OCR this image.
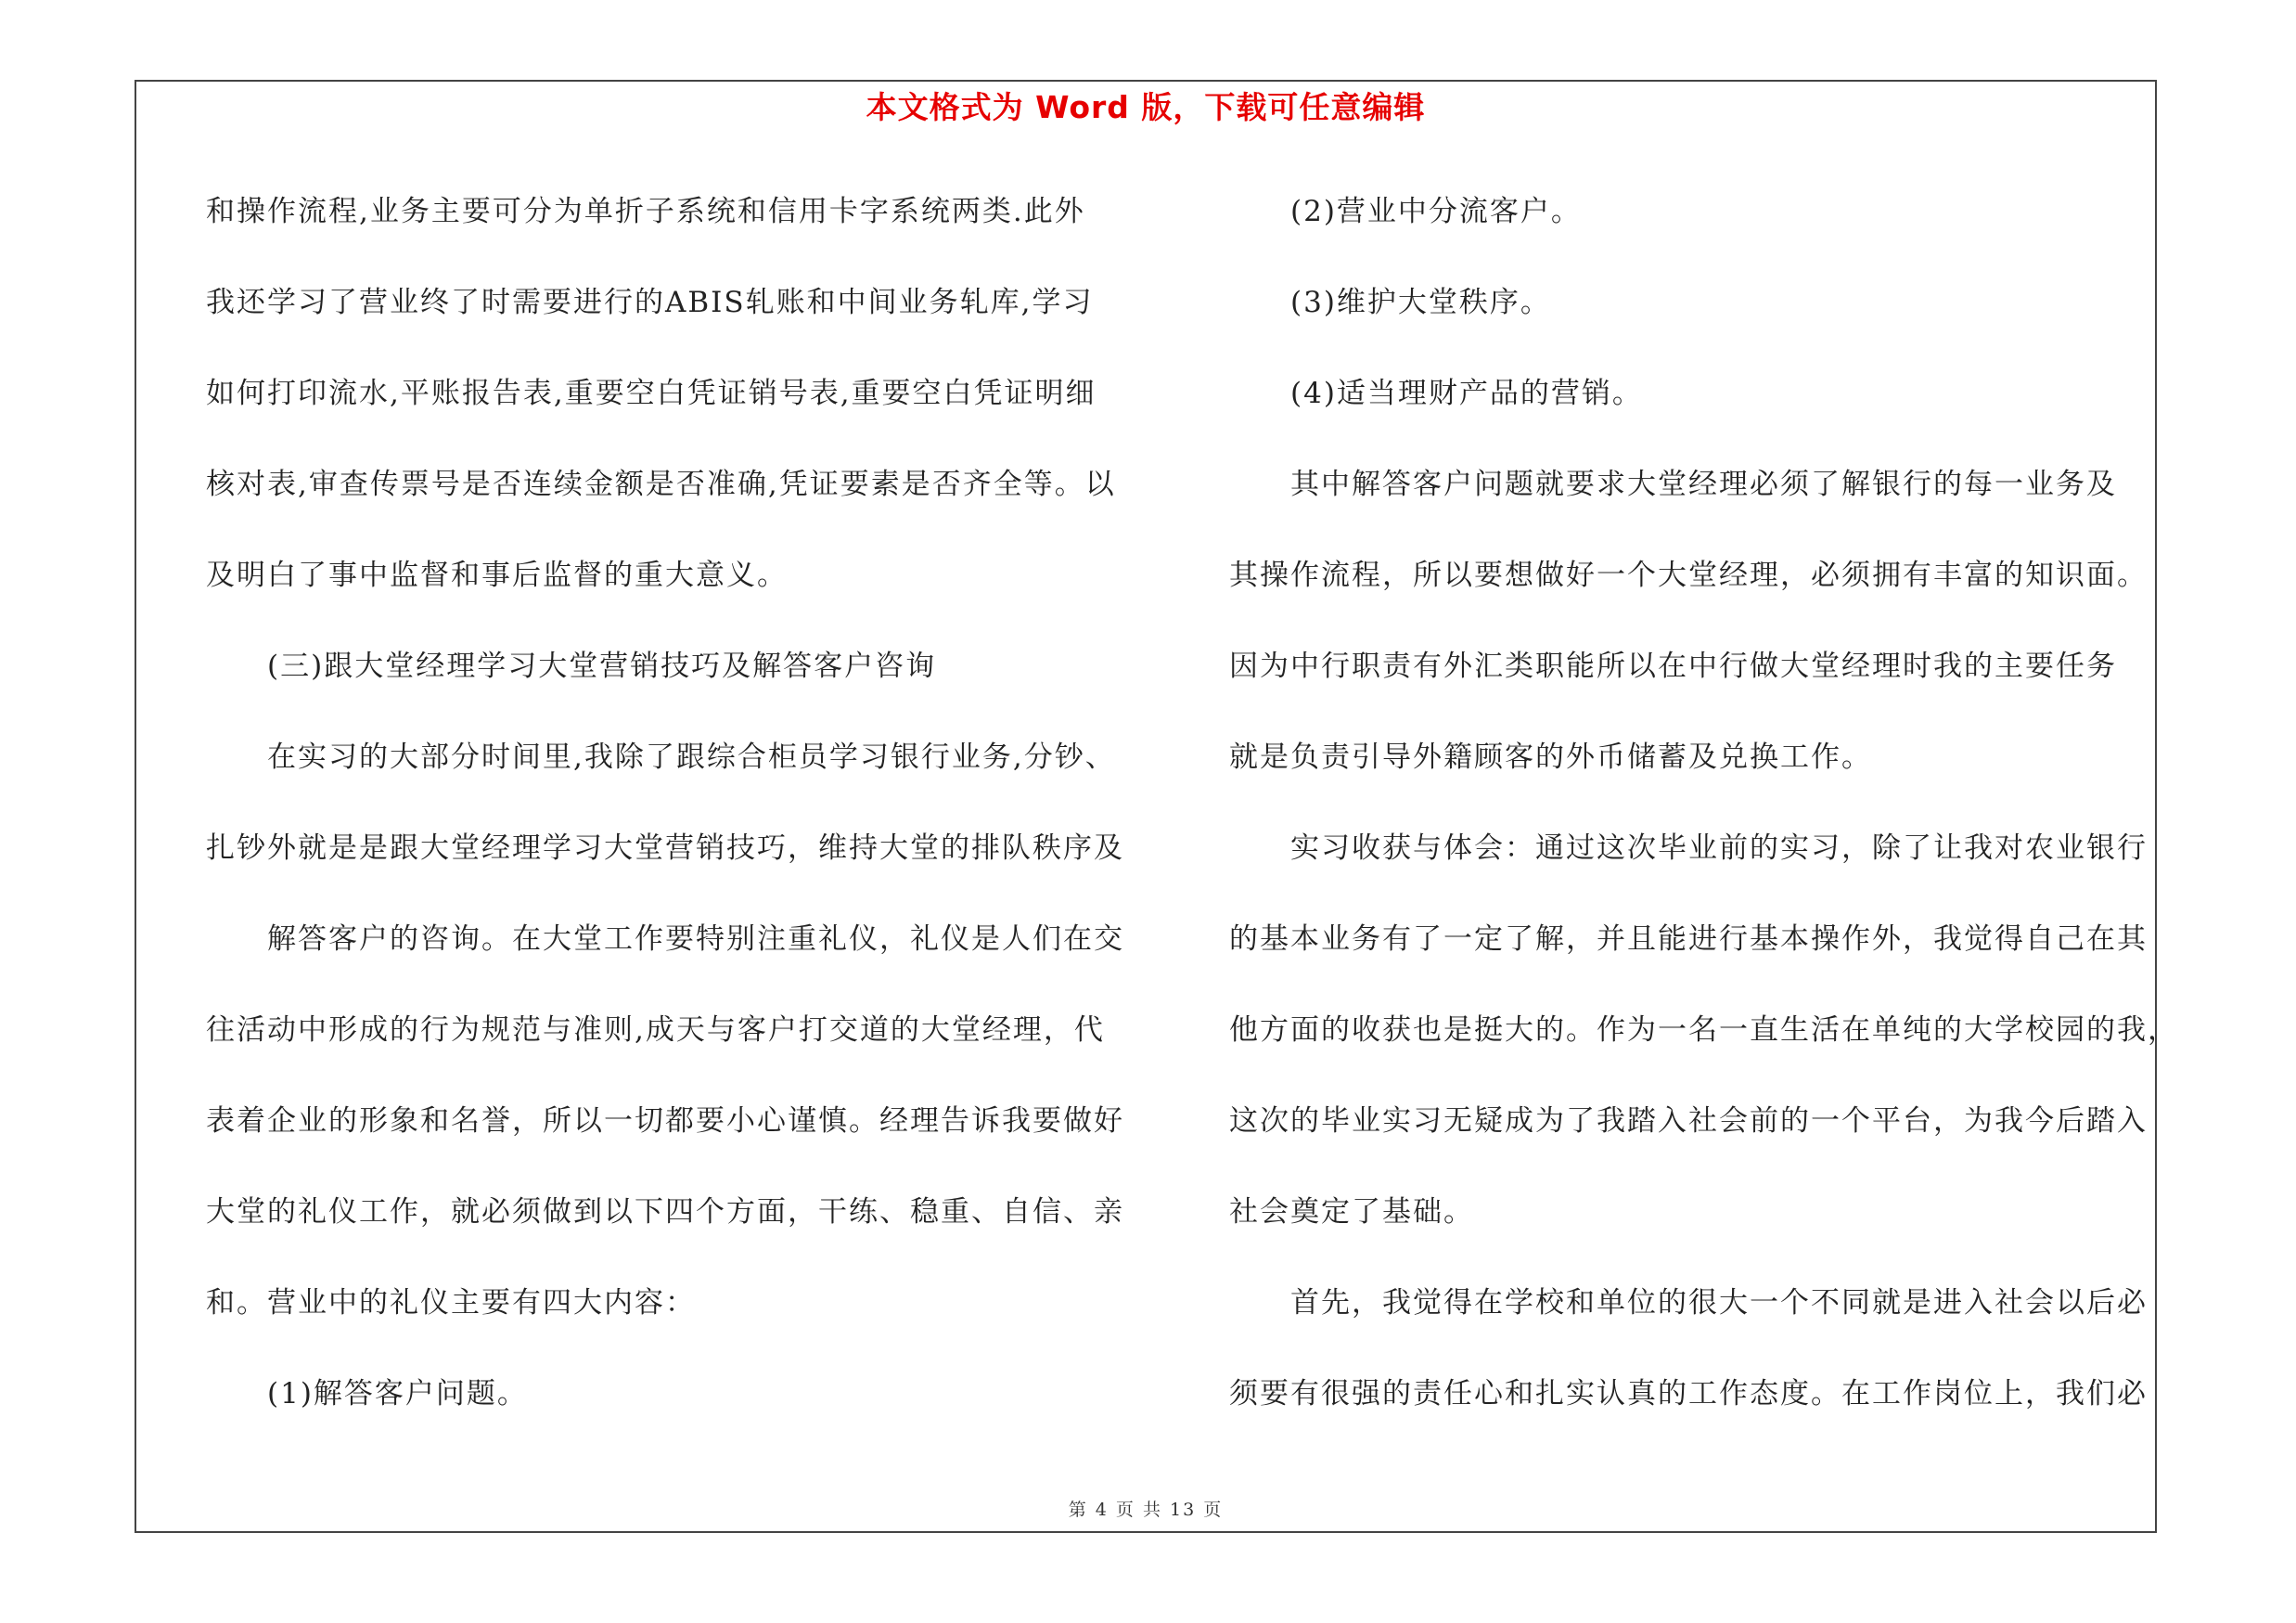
本文格式为 Word 版，下载可任意编辑
和操作流程,业务主要可分为单折子系统和信用卡字系统两类.此外
我还学习了营业终了时需要进行的ABIS轧账和中间业务轧库,学习
如何打印流水,平账报告表,重要空白凭证销号表,重要空白凭证明细
核对表,审查传票号是否连续金额是否准确,凭证要素是否齐全等。以
及明白了事中监督和事后监督的重大意义。
(三)跟大堂经理学习大堂营销技巧及解答客户咨询
在实习的大部分时间里,我除了跟综合柜员学习银行业务,分钞、
扎钞外就是是跟大堂经理学习大堂营销技巧，维持大堂的排队秩序及
解答客户的咨询。在大堂工作要特别注重礼仪，礼仪是人们在交
往活动中形成的行为规范与准则,成天与客户打交道的大堂经理，代
表着企业的形象和名誉，所以一切都要小心谨慎。经理告诉我要做好
大堂的礼仪工作，就必须做到以下四个方面，干练、稳重、自信、亲
和。营业中的礼仪主要有四大内容：
(1)解答客户问题。
(2)营业中分流客户。
(3)维护大堂秩序。
(4)适当理财产品的营销。
其中解答客户问题就要求大堂经理必须了解银行的每一业务及
其操作流程，所以要想做好一个大堂经理，必须拥有丰富的知识面。
因为中行职责有外汇类职能所以在中行做大堂经理时我的主要任务
就是负责引导外籍顾客的外币储蓄及兑换工作。
实习收获与体会：通过这次毕业前的实习，除了让我对农业银行
的基本业务有了一定了解，并且能进行基本操作外，我觉得自己在其
他方面的收获也是挺大的。作为一名一直生活在单纯的大学校园的我，
这次的毕业实习无疑成为了我踏入社会前的一个平台，为我今后踏入
社会奠定了基础。
首先，我觉得在学校和单位的很大一个不同就是进入社会以后必
须要有很强的责任心和扎实认真的工作态度。在工作岗位上，我们必
第 4 页 共 13 页
